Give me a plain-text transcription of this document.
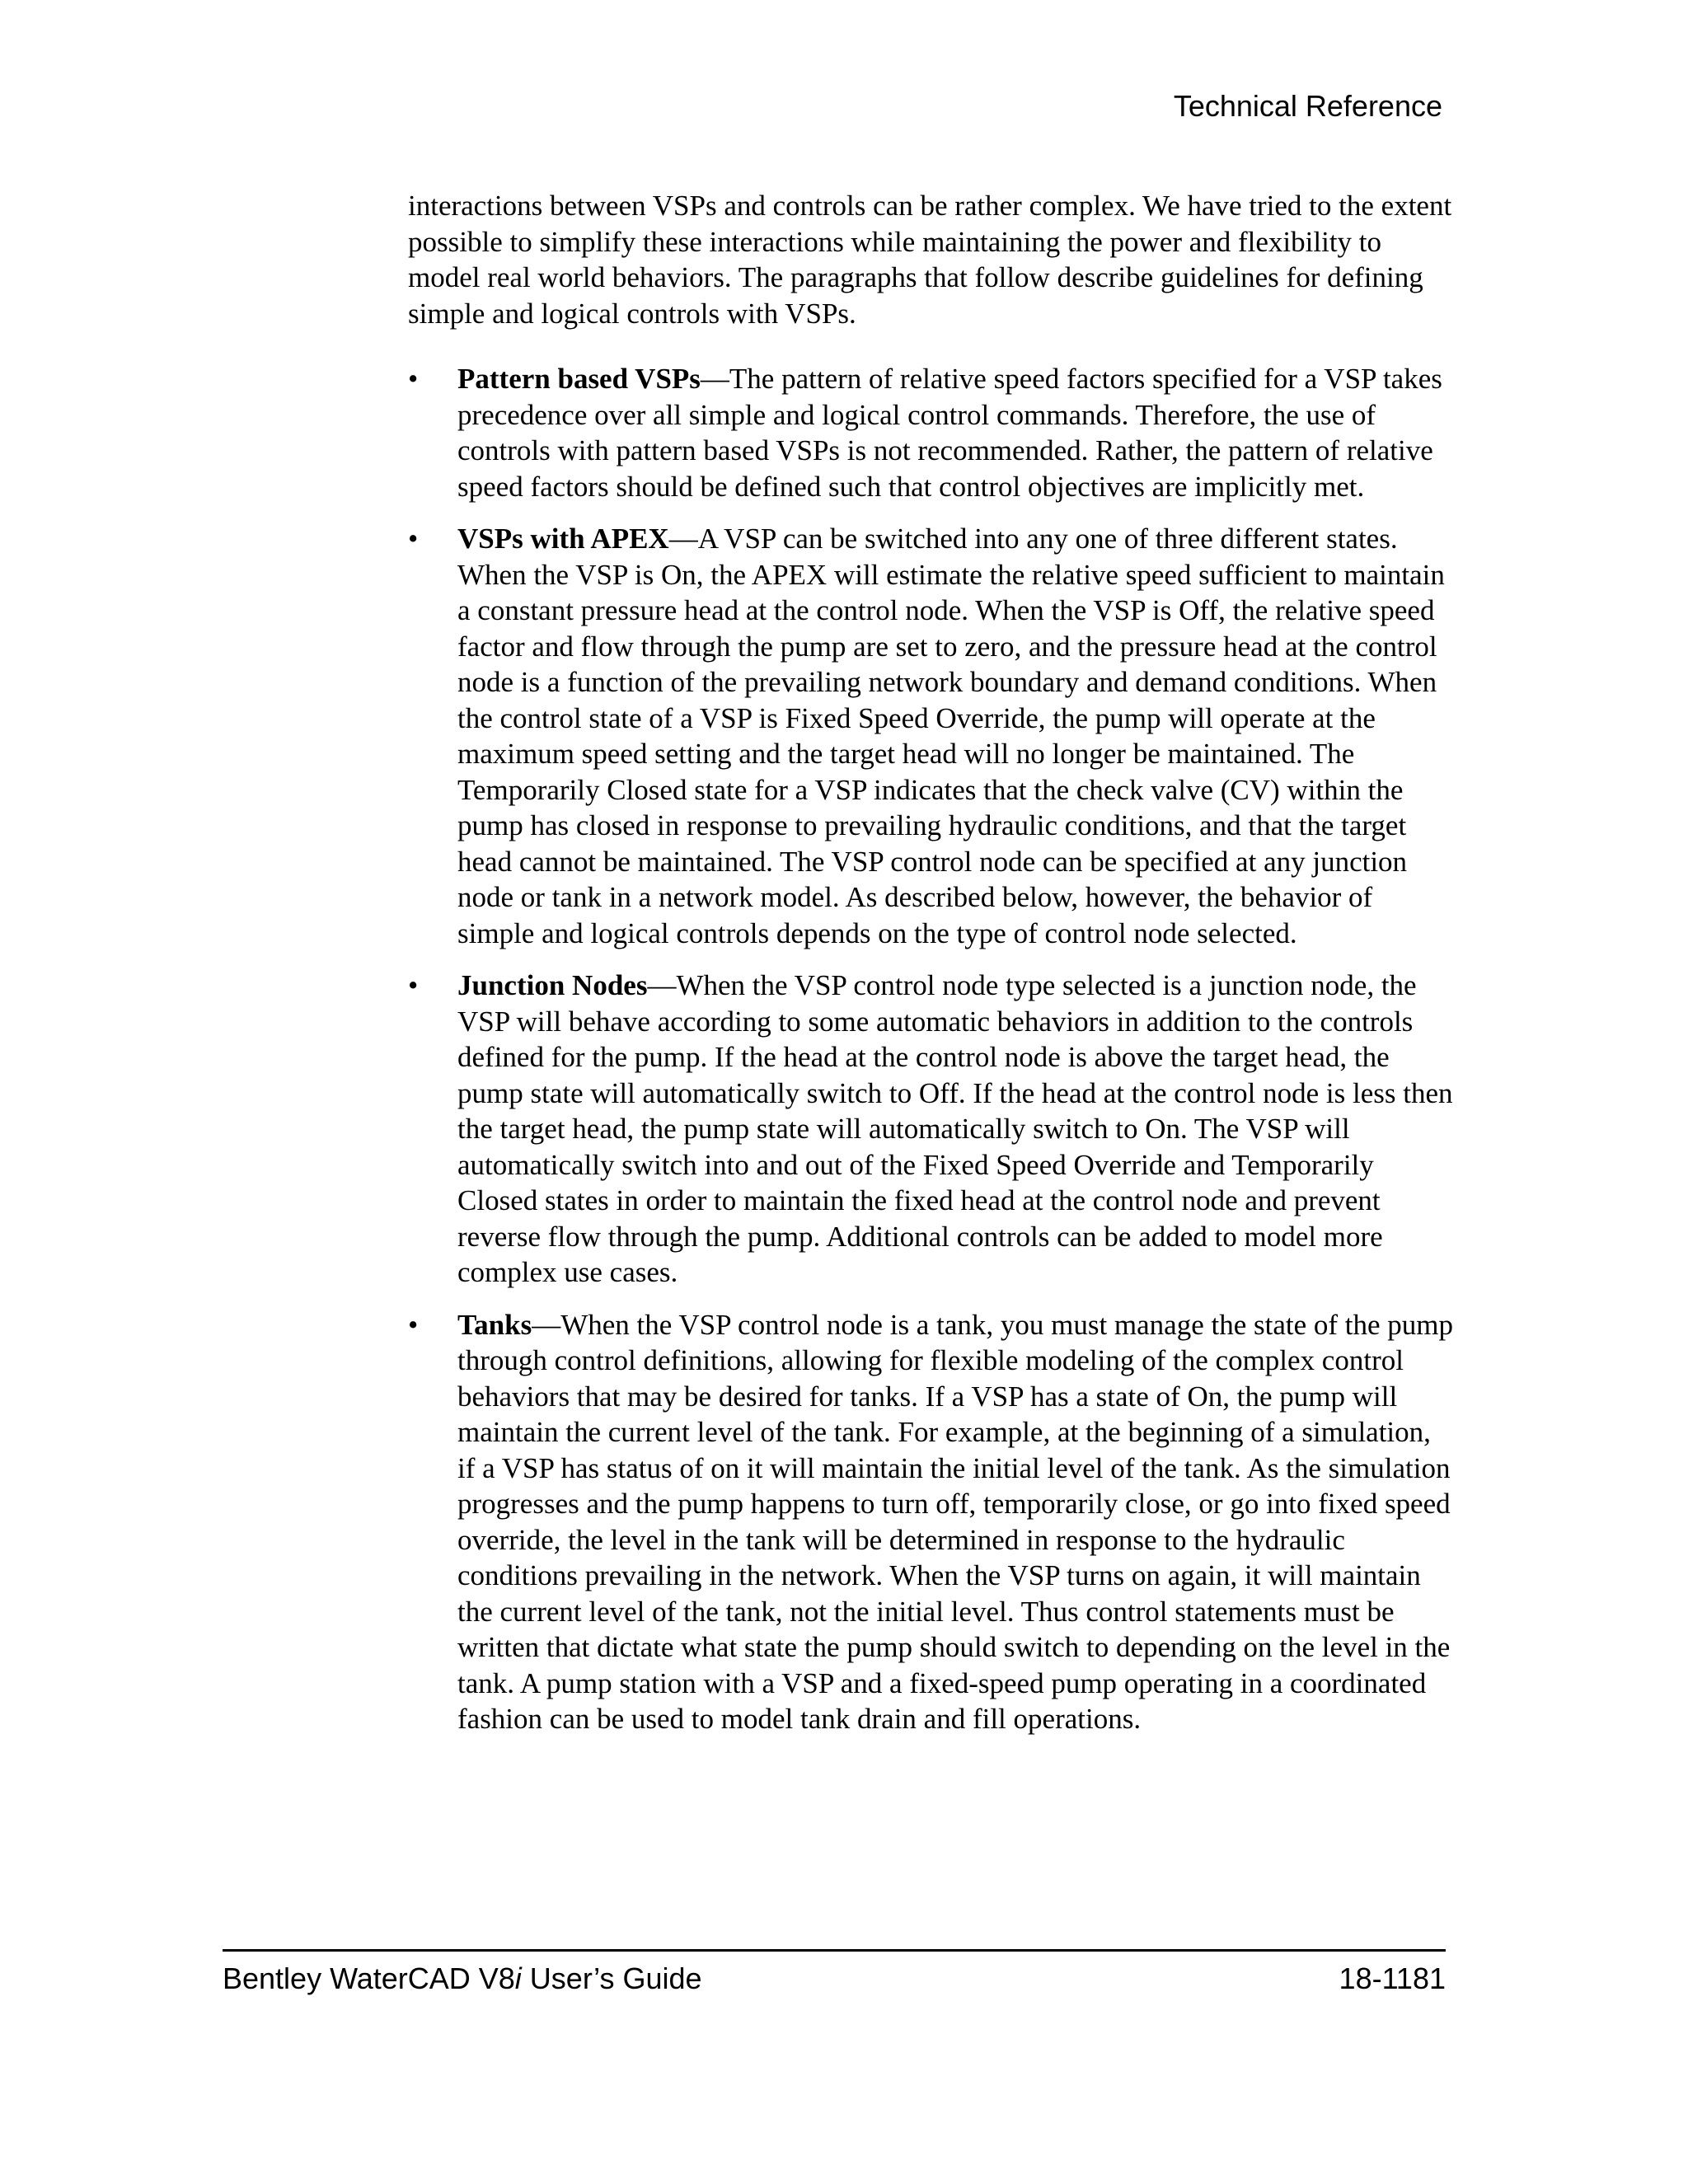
Technical Reference

interactions between VSPs and controls can be rather complex. We have tried to the extent possible to simplify these interactions while maintaining the power and flexibility to model real world behaviors. The paragraphs that follow describe guidelines for defining simple and logical controls with VSPs.

• Pattern based VSPs—The pattern of relative speed factors specified for a VSP takes precedence over all simple and logical control commands. Therefore, the use of controls with pattern based VSPs is not recommended. Rather, the pattern of relative speed factors should be defined such that control objectives are implicitly met.
• VSPs with APEX—A VSP can be switched into any one of three different states. When the VSP is On, the APEX will estimate the relative speed sufficient to maintain a constant pressure head at the control node. When the VSP is Off, the relative speed factor and flow through the pump are set to zero, and the pressure head at the control node is a function of the prevailing network boundary and demand conditions. When the control state of a VSP is Fixed Speed Override, the pump will operate at the maximum speed setting and the target head will no longer be maintained. The Temporarily Closed state for a VSP indicates that the check valve (CV) within the pump has closed in response to prevailing hydraulic conditions, and that the target head cannot be maintained. The VSP control node can be specified at any junction node or tank in a network model. As described below, however, the behavior of simple and logical controls depends on the type of control node selected.
• Junction Nodes—When the VSP control node type selected is a junction node, the VSP will behave according to some automatic behaviors in addition to the controls defined for the pump. If the head at the control node is above the target head, the pump state will automatically switch to Off. If the head at the control node is less then the target head, the pump state will automatically switch to On. The VSP will automatically switch into and out of the Fixed Speed Override and Temporarily Closed states in order to maintain the fixed head at the control node and prevent reverse flow through the pump. Additional controls can be added to model more complex use cases.
• Tanks—When the VSP control node is a tank, you must manage the state of the pump through control definitions, allowing for flexible modeling of the complex control behaviors that may be desired for tanks. If a VSP has a state of On, the pump will maintain the current level of the tank. For example, at the beginning of a simulation, if a VSP has status of on it will maintain the initial level of the tank. As the simulation progresses and the pump happens to turn off, temporarily close, or go into fixed speed override, the level in the tank will be determined in response to the hydraulic conditions prevailing in the network. When the VSP turns on again, it will maintain the current level of the tank, not the initial level. Thus control statements must be written that dictate what state the pump should switch to depending on the level in the tank. A pump station with a VSP and a fixed-speed pump operating in a coordinated fashion can be used to model tank drain and fill operations.
Bentley WaterCAD V8i User’s Guide	18-1181
